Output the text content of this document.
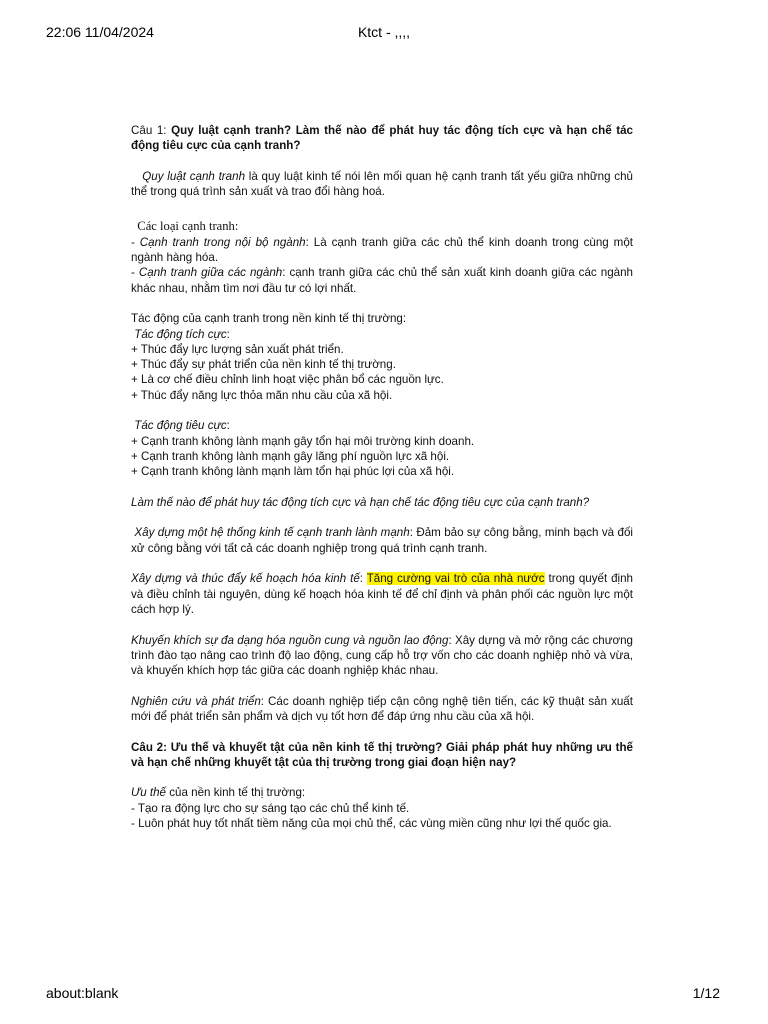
22:06 11/04/2024	Ktct - ,,,,

Câu 1: Quy luật cạnh tranh? Làm thế nào để phát huy tác động tích cực và hạn chế tác động tiêu cực của cạnh tranh?

Quy luật cạnh tranh là quy luật kinh tế nói lên mối quan hệ cạnh tranh tất yếu giữa những chủ thể trong quá trình sản xuất và trao đổi hàng hoá.

Các loại cạnh tranh:

- Cạnh tranh trong nội bộ ngành: Là cạnh tranh giữa các chủ thể kinh doanh trong cùng một ngành hàng hóa.

- Cạnh tranh giữa các ngành: cạnh tranh giữa các chủ thể sản xuất kinh doanh giữa các ngành khác nhau, nhằm tìm nơi đầu tư có lợi nhất.

Tác động của cạnh tranh trong nền kinh tế thị trường:

Tác động tích cực:

+ Thúc đẩy lực lượng sản xuất phát triển.

+ Thúc đẩy sự phát triển của nền kinh tế thị trường.

+ Là cơ chế điều chỉnh linh hoạt việc phân bổ các nguồn lực.

+ Thúc đẩy năng lực thỏa mãn nhu cầu của xã hội.

Tác động tiêu cực:

+ Cạnh tranh không lành mạnh gây tổn hại môi trường kinh doanh.

+ Cạnh tranh không lành mạnh gây lãng phí nguồn lực xã hội.

+ Cạnh tranh không lành mạnh làm tổn hại phúc lợi của xã hội.

Làm thế nào để phát huy tác động tích cực và hạn chế tác động tiêu cực của cạnh tranh?

Xây dựng một hệ thống kinh tế cạnh tranh lành mạnh: Đảm bảo sự công bằng, minh bạch và đối xử công bằng với tất cả các doanh nghiệp trong quá trình cạnh tranh.

Xây dựng và thúc đẩy kế hoạch hóa kinh tế: Tăng cường vai trò của nhà nước trong quyết định và điều chỉnh tài nguyên, dùng kế hoạch hóa kinh tế để chỉ định và phân phối các nguồn lực một cách hợp lý.

Khuyến khích sự đa dạng hóa nguồn cung và nguồn lao động: Xây dựng và mở rộng các chương trình đào tạo nâng cao trình độ lao động, cung cấp hỗ trợ vốn cho các doanh nghiệp nhỏ và vừa, và khuyến khích hợp tác giữa các doanh nghiệp khác nhau.

Nghiên cứu và phát triển: Các doanh nghiệp tiếp cận công nghệ tiên tiến, các kỹ thuật sản xuất mới để phát triển sản phẩm và dịch vụ tốt hơn để đáp ứng nhu cầu của xã hội.

Câu 2: Ưu thế và khuyết tật của nền kinh tế thị trường? Giải pháp phát huy những ưu thế và hạn chế những khuyết tật của thị trường trong giai đoạn hiện nay?

Ưu thế của nền kinh tế thị trường:

- Tạo ra động lực cho sự sáng tạo các chủ thể kinh tế.

- Luôn phát huy tốt nhất tiềm năng của mọi chủ thể, các vùng miền cũng như lợi thế quốc gia.

about:blank	1/12
